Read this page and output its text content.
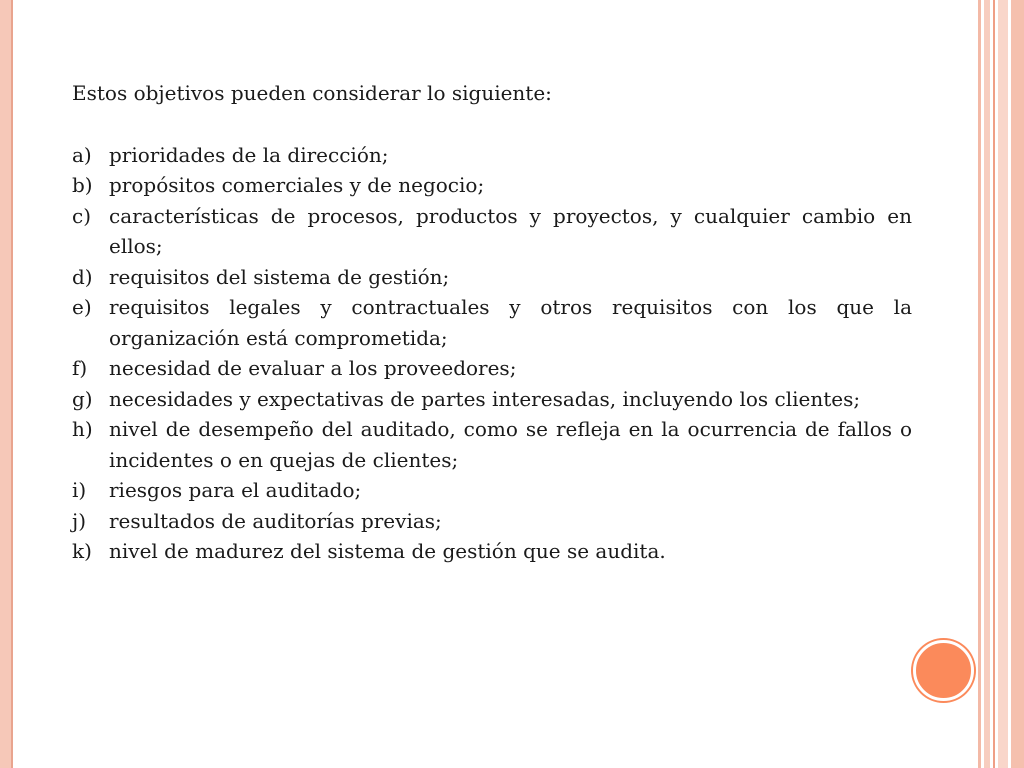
Estos objetivos pueden considerar lo siguiente:

a) prioridades de la dirección;
b) propósitos comerciales y de negocio;
c) características de procesos, productos y proyectos, y cualquier cambio en ellos;
d) requisitos del sistema de gestión;
e) requisitos legales y contractuales y otros requisitos con los que la organización está comprometida;
f)	necesidad de evaluar a los proveedores;
g) necesidades y expectativas de partes interesadas, incluyendo los clientes;
h) nivel de desempeño del auditado, como se refleja en la ocurrencia de fallos o incidentes o en quejas de clientes;
i)	riesgos para el auditado;
j)	resultados de auditorías previas;
k) nivel de madurez del sistema de gestión que se audita.
